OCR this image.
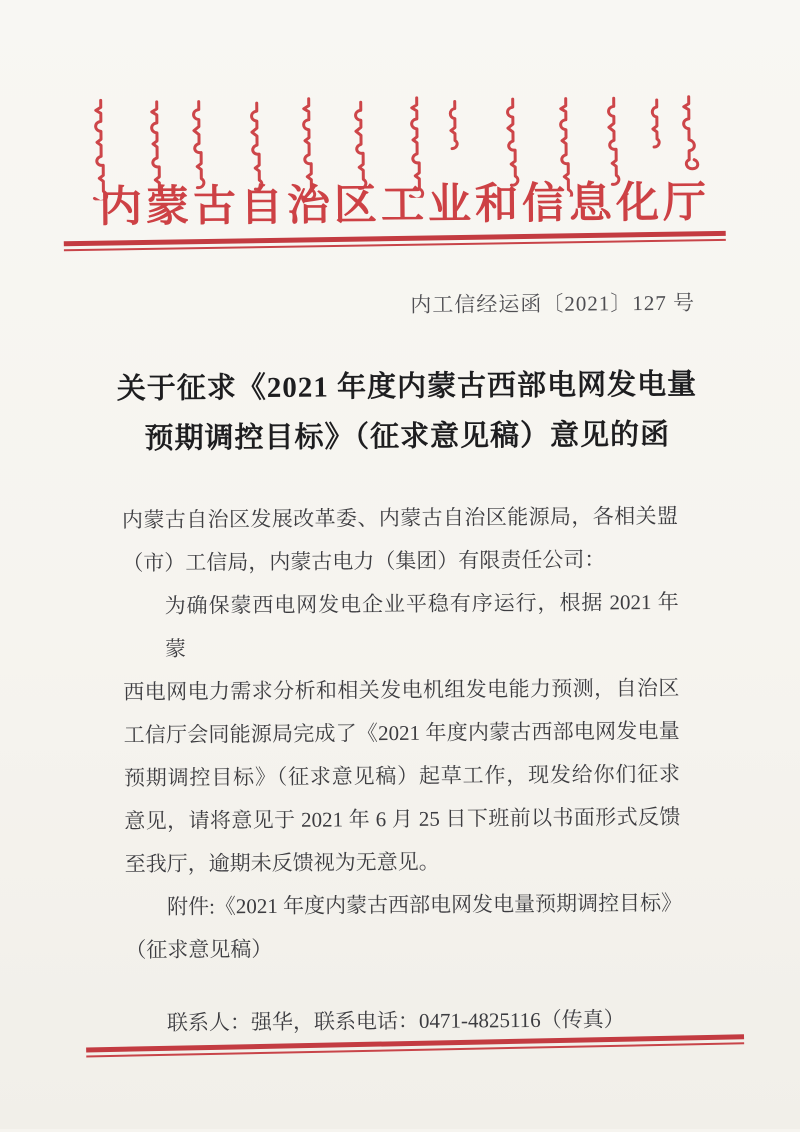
内蒙古自治区工业和信息化厅
内工信经运函〔2021〕127 号
关于征求《2021 年度内蒙古西部电网发电量
预期调控目标》（征求意见稿）意见的函
内蒙古自治区发展改革委、内蒙古自治区能源局，各相关盟
（市）工信局，内蒙古电力（集团）有限责任公司：
为确保蒙西电网发电企业平稳有序运行，根据 2021 年蒙
西电网电力需求分析和相关发电机组发电能力预测，自治区
工信厅会同能源局完成了《2021 年度内蒙古西部电网发电量
预期调控目标》（征求意见稿）起草工作，现发给你们征求
意见，请将意见于 2021 年 6 月 25 日下班前以书面形式反馈
至我厅，逾期未反馈视为无意见。
附件:《2021 年度内蒙古西部电网发电量预期调控目标》
（征求意见稿）
联系人：强华，联系电话：0471-4825116（传真）
